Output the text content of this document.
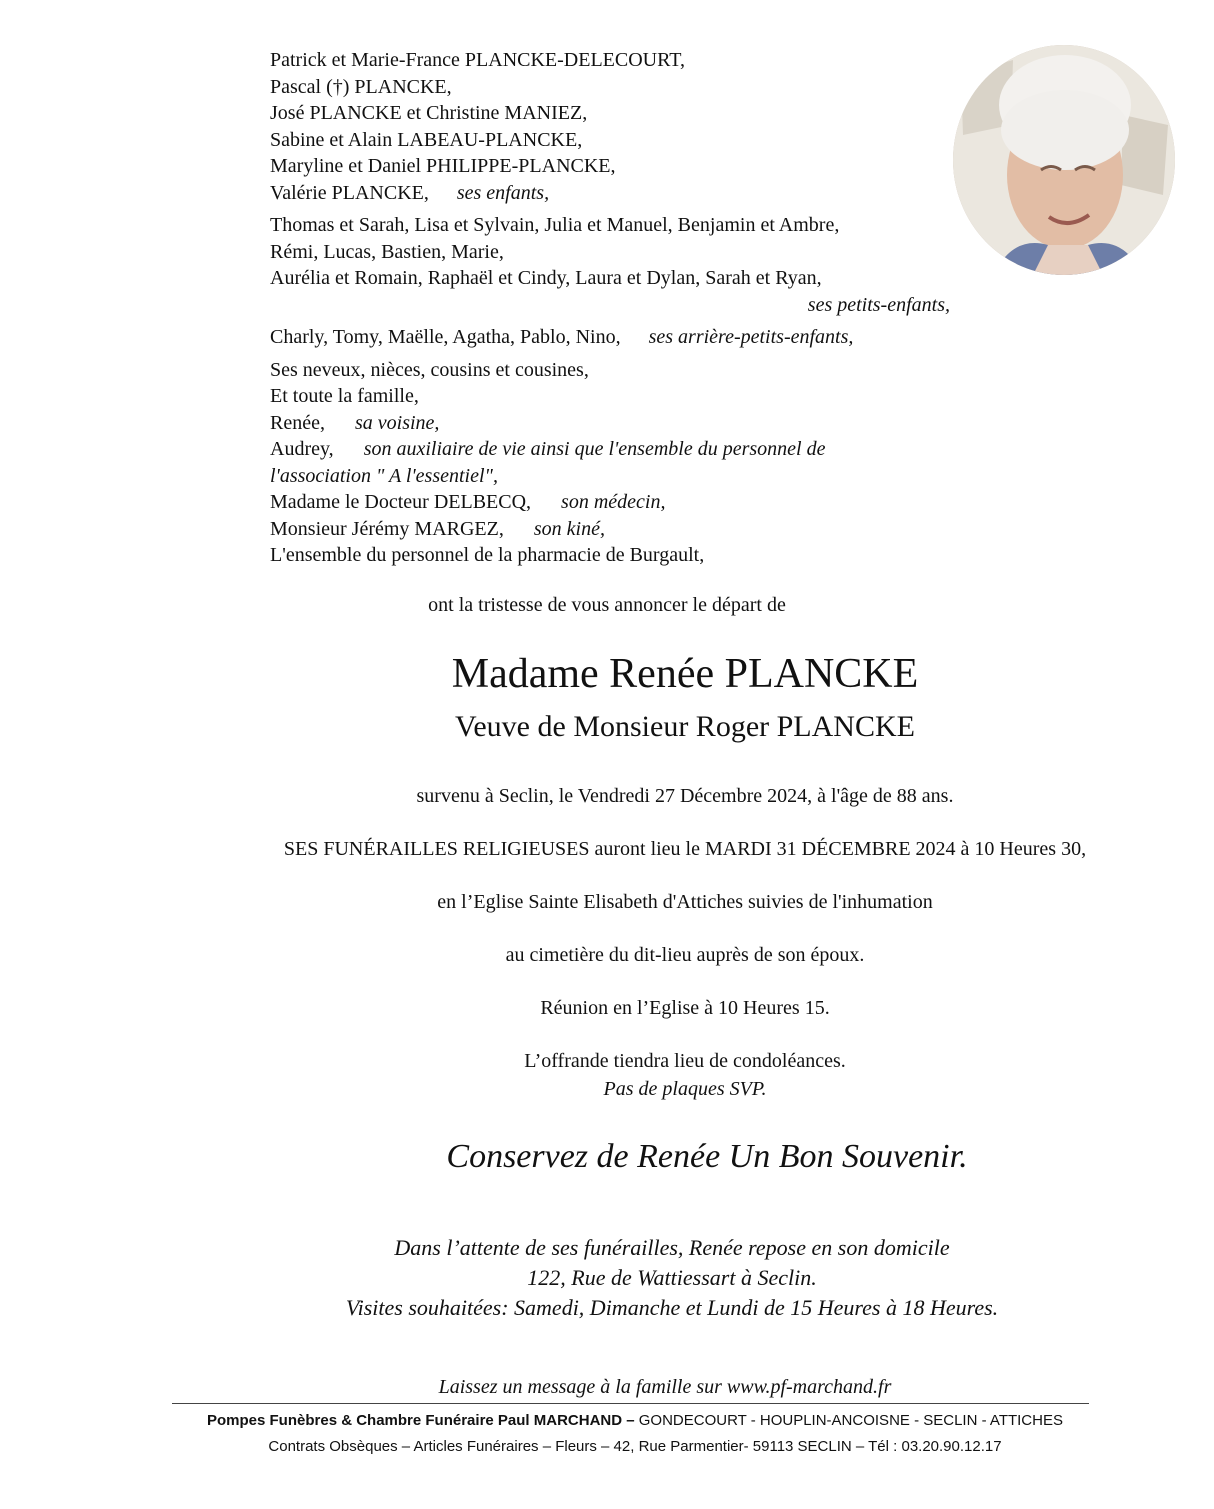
Patrick et Marie-France PLANCKE-DELECOURT,
Pascal (†) PLANCKE,
José PLANCKE et Christine MANIEZ,
Sabine et Alain LABEAU-PLANCKE,
Maryline et Daniel PHILIPPE-PLANCKE,
Valérie PLANCKE, ses enfants,
Thomas et Sarah, Lisa et Sylvain, Julia et Manuel, Benjamin et Ambre,
Rémi, Lucas, Bastien, Marie,
Aurélia et Romain, Raphaël et Cindy, Laura et Dylan, Sarah et Ryan,
ses petits-enfants,
Charly, Tomy, Maëlle, Agatha, Pablo, Nino, ses arrière-petits-enfants,
Ses neveux, nièces, cousins et cousines,
Et toute la famille,
Renée, sa voisine,
Audrey, son auxiliaire de vie ainsi que l'ensemble du personnel de
l'association " A l'essentiel",
Madame le Docteur DELBECQ, son médecin,
Monsieur Jérémy MARGEZ, son kiné,
L'ensemble du personnel de la pharmacie de Burgault,
ont la tristesse de vous annoncer le départ de
Madame Renée PLANCKE
Veuve de Monsieur Roger PLANCKE
survenu à Seclin, le Vendredi 27 Décembre 2024, à l'âge de 88 ans.
SES FUNÉRAILLES RELIGIEUSES auront lieu le MARDI 31 DÉCEMBRE 2024 à 10 Heures 30,
en l’Eglise Sainte Elisabeth d'Attiches suivies de l'inhumation
au cimetière du dit-lieu auprès de son époux.
Réunion en l’Eglise à 10 Heures 15.
L’offrande tiendra lieu de condoléances.
Pas de plaques SVP.
Conservez de Renée Un Bon Souvenir.
Dans l’attente de ses funérailles, Renée repose en son domicile
122, Rue de Wattiessart à Seclin.
Visites souhaitées: Samedi, Dimanche et Lundi de 15 Heures à 18 Heures.
Laissez un message à la famille sur www.pf-marchand.fr
Pompes Funèbres & Chambre Funéraire Paul MARCHAND – GONDECOURT - HOUPLIN-ANCOISNE - SECLIN - ATTICHES
Contrats Obsèques – Articles Funéraires – Fleurs – 42, Rue Parmentier- 59113 SECLIN – Tél : 03.20.90.12.17
